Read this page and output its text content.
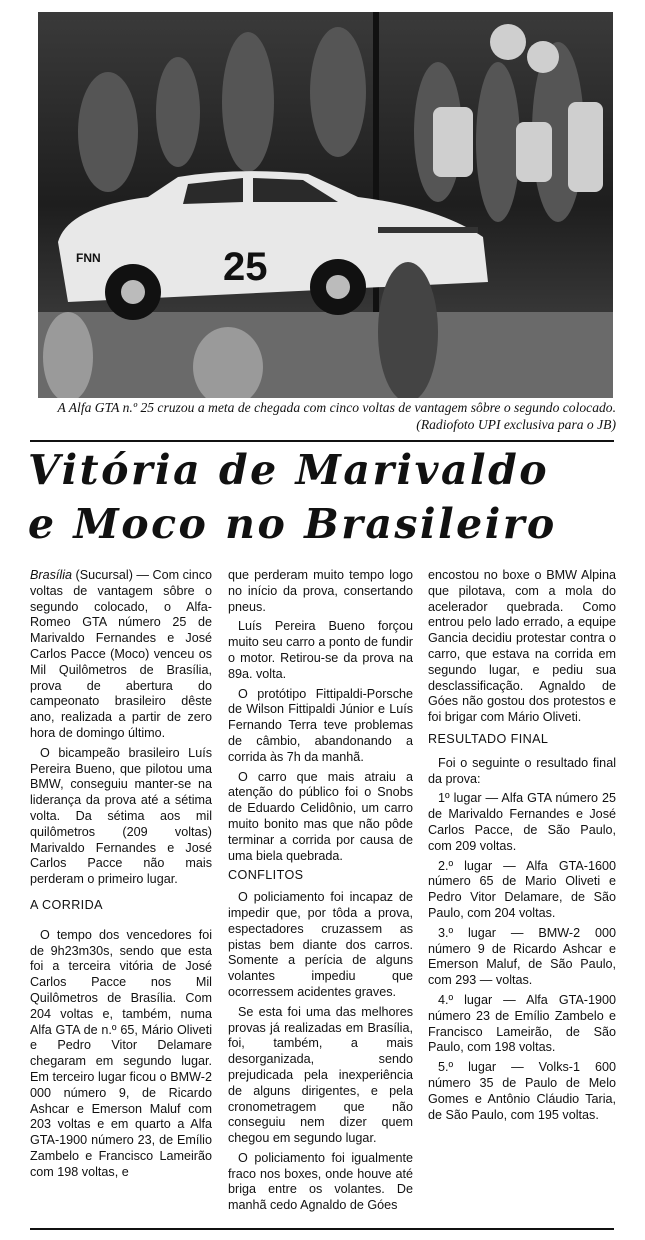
25
FNN

A Alfa GTA n.º 25 cruzou a meta de chegada com cinco voltas de vantagem sôbre o segundo colocado. (Radiofoto UPI exclusiva para o JB)

Vitória de Marivaldo
e Moco no Brasileiro

Brasília (Sucursal) — Com cinco voltas de vantagem sôbre o segundo colocado, o Alfa-Romeo GTA número 25 de Marivaldo Fernandes e José Carlos Pacce (Moco) venceu os Mil Quilômetros de Brasília, prova de abertura do campeonato brasileiro dêste ano, realizada a partir de zero hora de domingo último.

O bicampeão brasileiro Luís Pereira Bueno, que pilotou uma BMW, conseguiu manter-se na liderança da prova até a sétima volta. Da sétima aos mil quilômetros (209 voltas) Marivaldo Fernandes e José Carlos Pacce não mais perderam o primeiro lugar.

A CORRIDA

O tempo dos vencedores foi de 9h23m30s, sendo que esta foi a terceira vitória de José Carlos Pacce nos Mil Quilômetros de Brasília. Com 204 voltas e, também, numa Alfa GTA de n.º 65, Mário Oliveti e Pedro Vitor Delamare chegaram em segundo lugar. Em terceiro lugar ficou o BMW-2 000 número 9, de Ricardo Ashcar e Emerson Maluf com 203 voltas e em quarto a Alfa GTA-1900 número 23, de Emílio Zambelo e Francisco Lameirão com 198 voltas, e

que perderam muito tempo logo no início da prova, consertando pneus.

Luís Pereira Bueno forçou muito seu carro a ponto de fundir o motor. Retirou-se da prova na 89a. volta.

O protótipo Fittipaldi-Porsche de Wilson Fittipaldi Júnior e Luís Fernando Terra teve problemas de câmbio, abandonando a corrida às 7h da manhã.

O carro que mais atraiu a atenção do público foi o Snobs de Eduardo Celidônio, um carro muito bonito mas que não pôde terminar a corrida por causa de uma biela quebrada.

CONFLITOS

O policiamento foi incapaz de impedir que, por tôda a prova, espectadores cruzassem as pistas bem diante dos carros. Somente a perícia de alguns volantes impediu que ocorressem acidentes graves.

Se esta foi uma das melhores provas já realizadas em Brasília, foi, também, a mais desorganizada, sendo prejudicada pela inexperiência de alguns dirigentes, e pela cronometragem que não conseguiu nem dizer quem chegou em segundo lugar.

O policiamento foi igualmente fraco nos boxes, onde houve até briga entre os volantes. De manhã cedo Agnaldo de Góes

encostou no boxe o BMW Alpina que pilotava, com a mola do acelerador quebrada. Como entrou pelo lado errado, a equipe Gancia decidiu protestar contra o carro, que estava na corrida em segundo lugar, e pediu sua desclassificação. Agnaldo de Góes não gostou dos protestos e foi brigar com Mário Oliveti.

RESULTADO FINAL

Foi o seguinte o resultado final da prova:

1º lugar — Alfa GTA número 25 de Marivaldo Fernandes e José Carlos Pacce, de São Paulo, com 209 voltas.

2.º lugar — Alfa GTA-1600 número 65 de Mario Oliveti e Pedro Vitor Delamare, de São Paulo, com 204 voltas.

3.º lugar — BMW-2 000 número 9 de Ricardo Ashcar e Emerson Maluf, de São Paulo, com 293 — voltas.

4.º lugar — Alfa GTA-1900 número 23 de Emílio Zambelo e Francisco Lameirão, de São Paulo, com 198 voltas.

5.º lugar — Volks-1 600 número 35 de Paulo de Melo Gomes e Antônio Cláudio Taria, de São Paulo, com 195 voltas.
